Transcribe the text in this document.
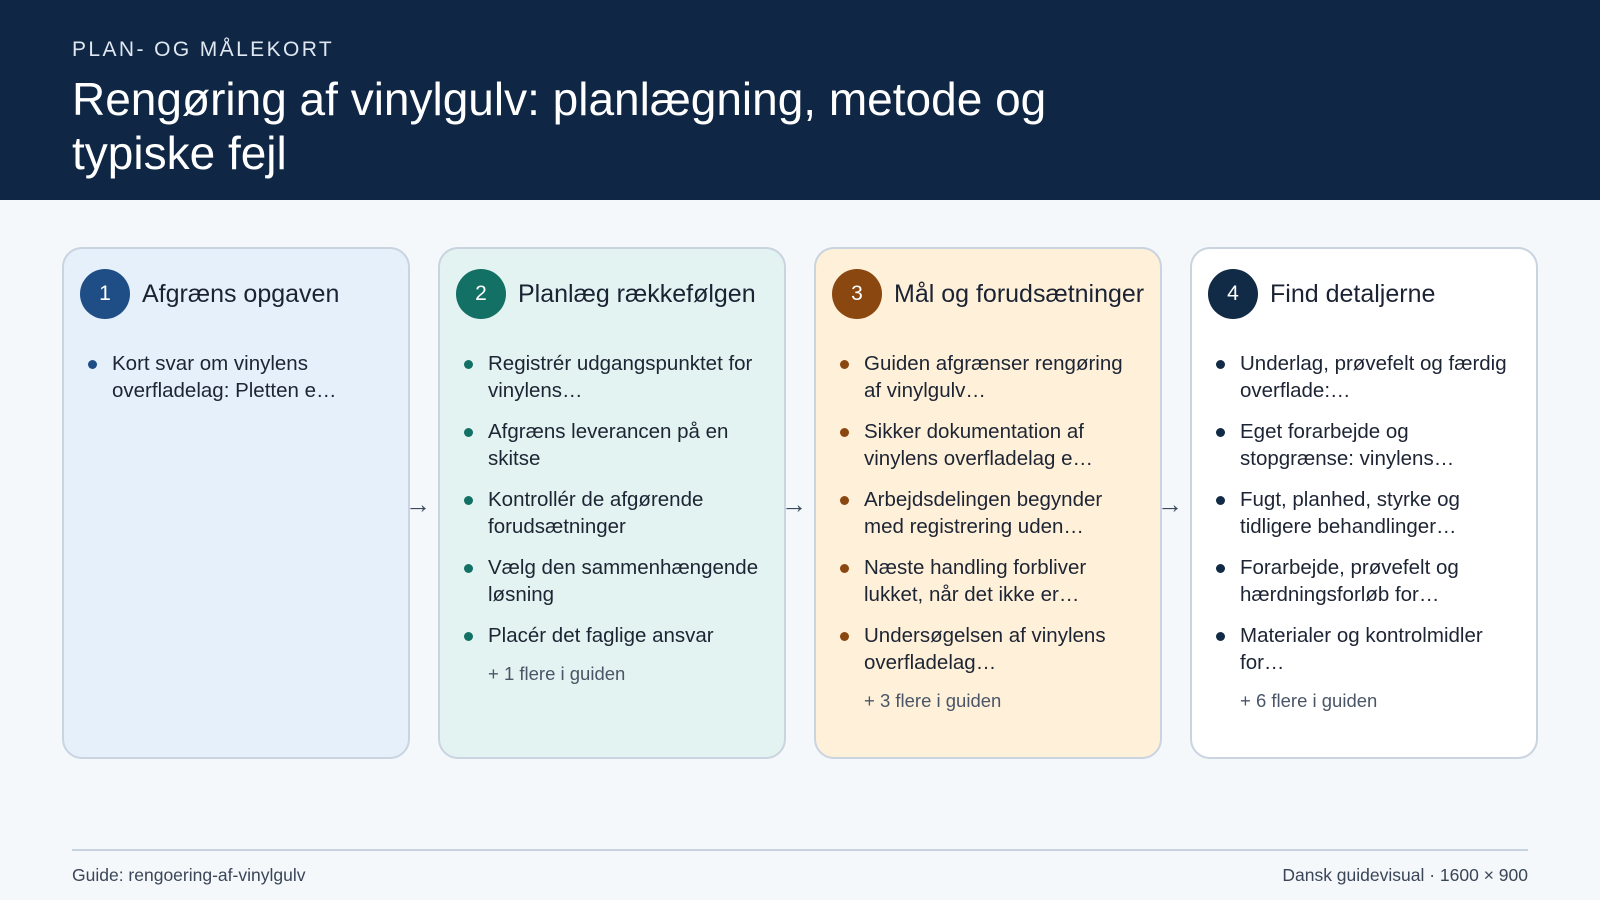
PLAN- OG MÅLEKORT
Rengøring af vinylgulv: planlægning, metode og typiske fejl
1	Afgræns opgaven
Kort svar om vinylens overfladelag: Pletten e…
→
2	Planlæg rækkefølgen
Registrér udgangspunktet for vinylens…
Afgræns leverancen på en skitse
Kontrollér de afgørende forudsætninger
Vælg den sammenhængende løsning
Placér det faglige ansvar
+ 1 flere i guiden
→
3	Mål og forudsætninger
Guiden afgrænser rengøring af vinylgulv…
Sikker dokumentation af vinylens overfladelag e…
Arbejdsdelingen begynder med registrering uden…
Næste handling forbliver lukket, når det ikke er…
Undersøgelsen af vinylens overfladelag…
+ 3 flere i guiden
→
4	Find detaljerne
Underlag, prøvefelt og færdig overflade:…
Eget forarbejde og stopgrænse: vinylens…
Fugt, planhed, styrke og tidligere behandlinger…
Forarbejde, prøvefelt og hærdningsforløb for…
Materialer og kontrolmidler for…
+ 6 flere i guiden
Guide: rengoering-af-vinylgulv	Dansk guidevisual · 1600 × 900
